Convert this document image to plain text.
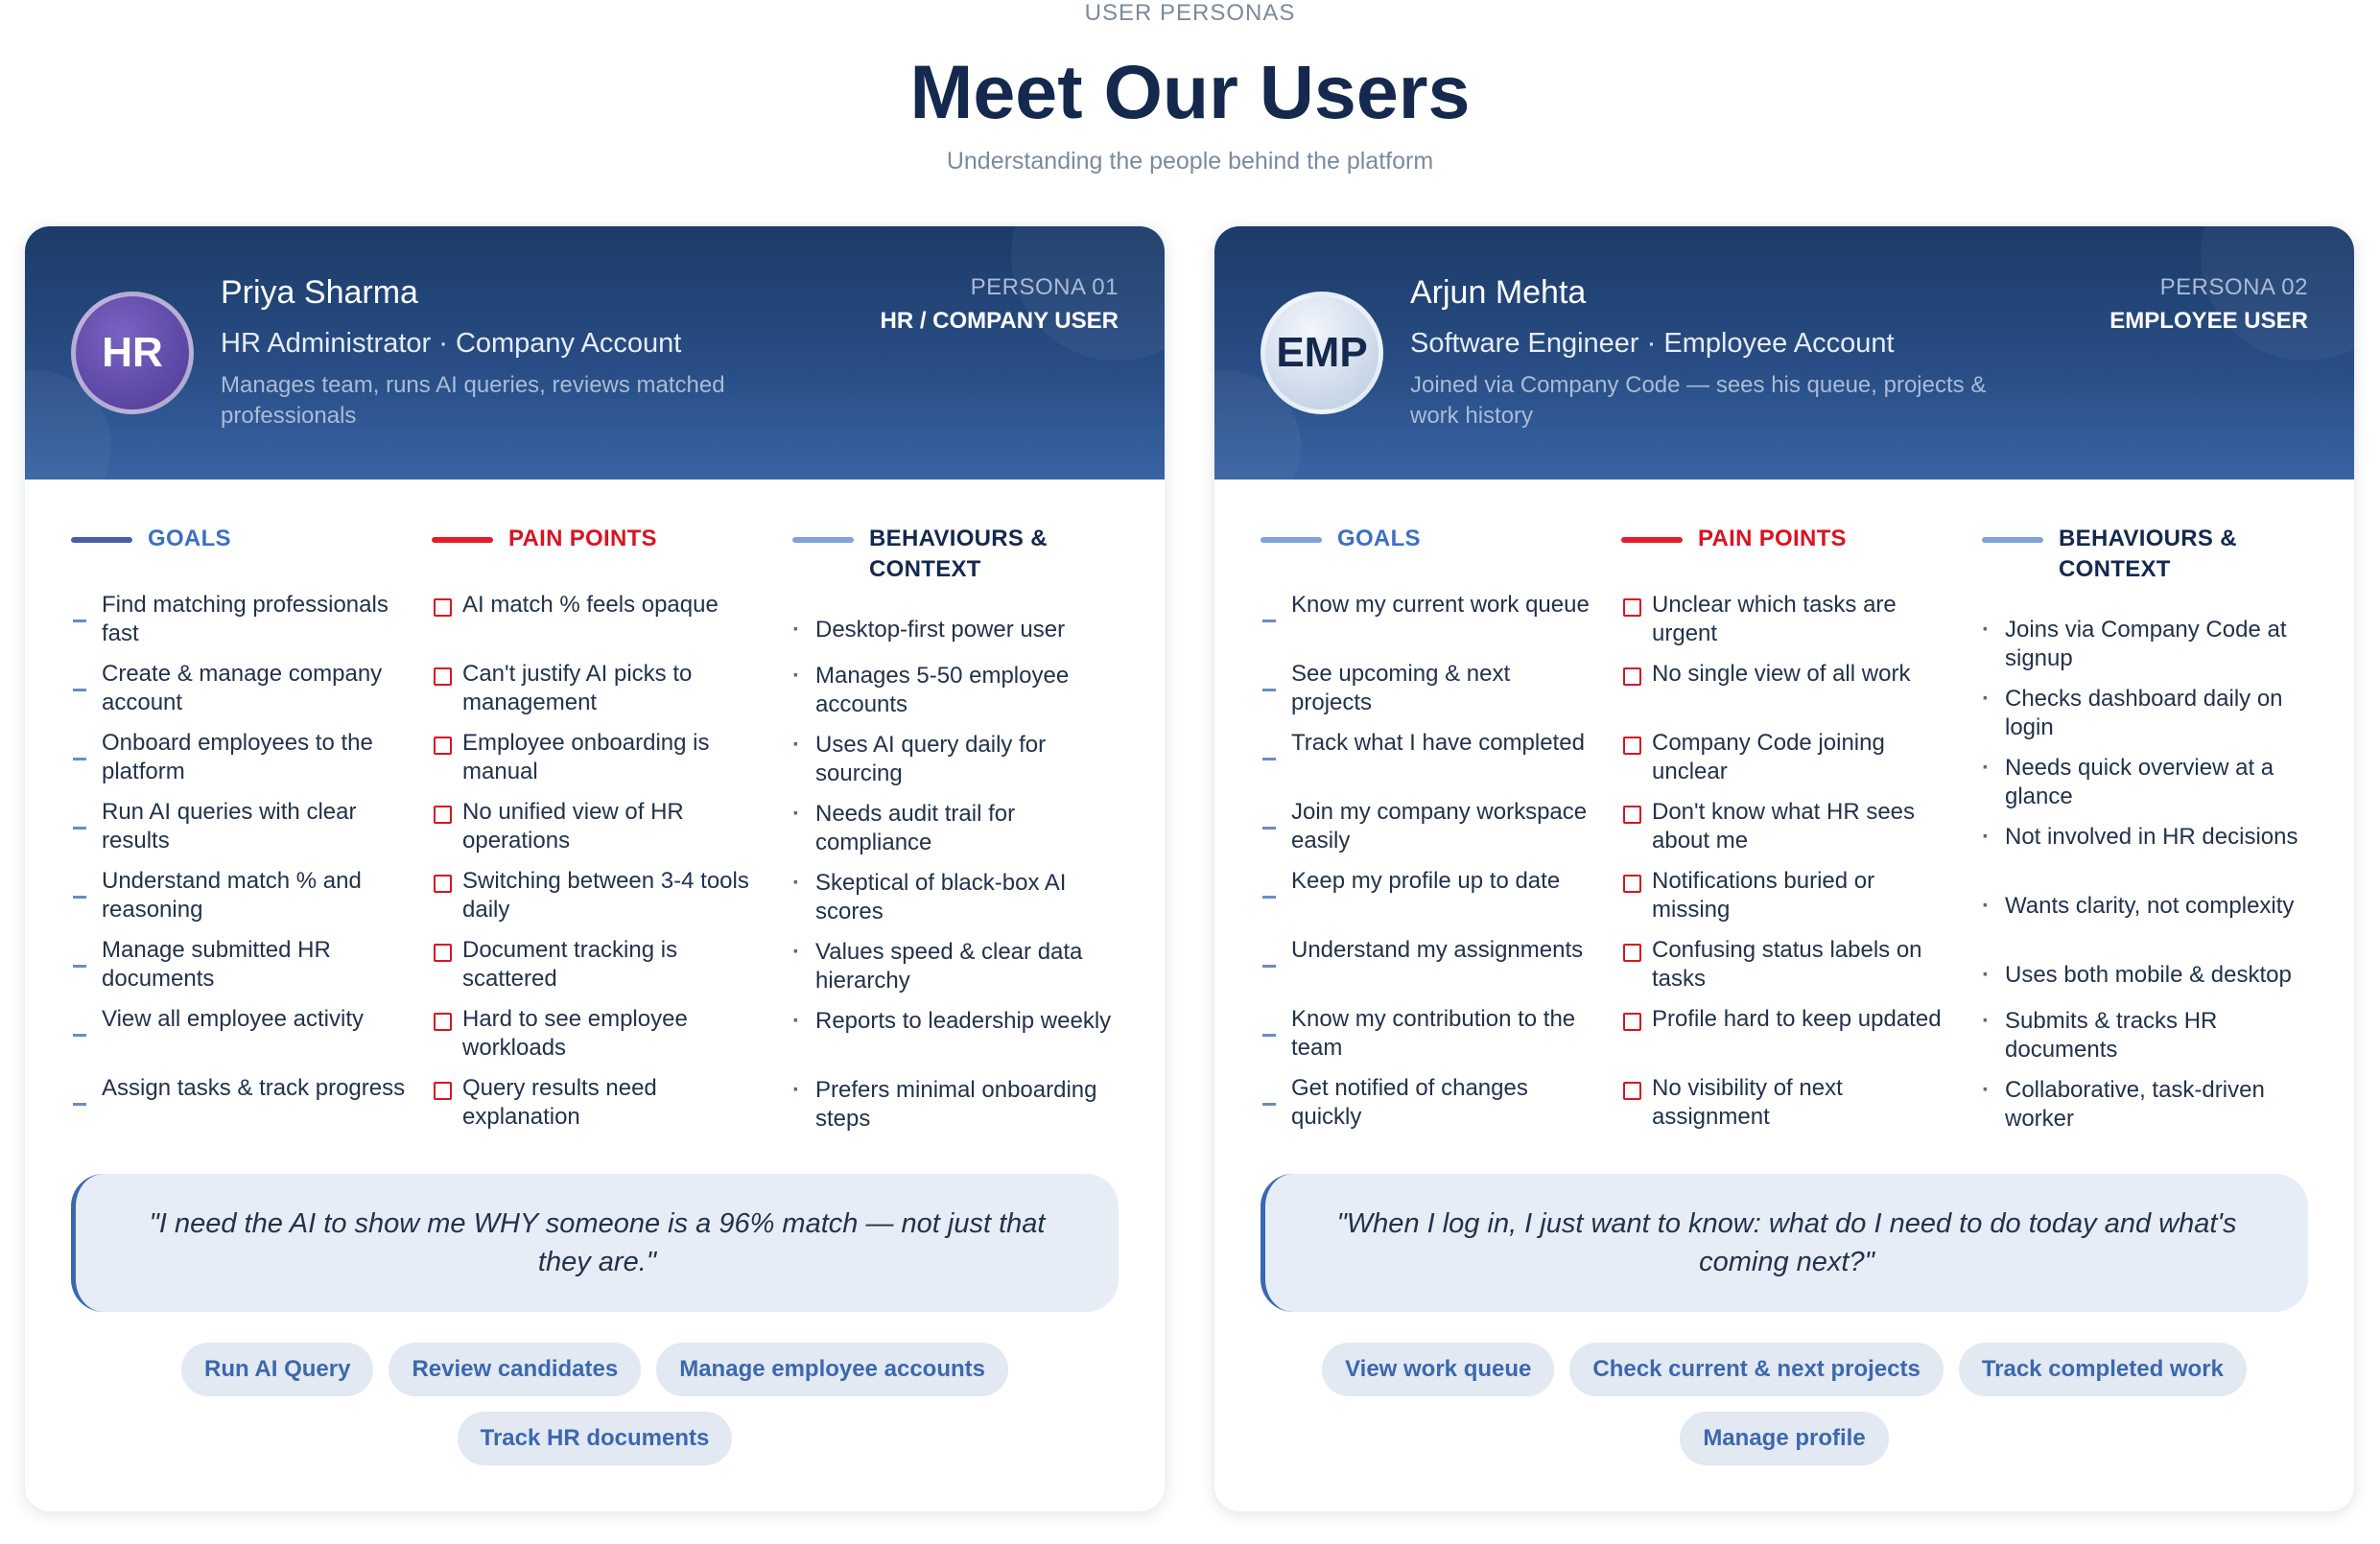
USER PERSONAS
Meet Our Users
Understanding the people behind the platform
HR
Priya Sharma
HR Administrator · Company Account
Manages team, runs AI queries, reviews matched professionals
PERSONA 01
HR / COMPANY USER
GOALS
Find matching professionals fast
Create & manage company account
Onboard employees to the platform
Run AI queries with clear results
Understand match % and reasoning
Manage submitted HR documents
View all employee activity
Assign tasks & track progress
PAIN POINTS
AI match % feels opaque
Can't justify AI picks to management
Employee onboarding is manual
No unified view of HR operations
Switching between 3-4 tools daily
Document tracking is scattered
Hard to see employee workloads
Query results need explanation
BEHAVIOURS & CONTEXT
· Desktop-first power user
· Manages 5-50 employee accounts
· Uses AI query daily for sourcing
· Needs audit trail for compliance
· Skeptical of black-box AI scores
· Values speed & clear data hierarchy
· Reports to leadership weekly
· Prefers minimal onboarding steps
"I need the AI to show me WHY someone is a 96% match — not just that they are."
Run AI Query	Review candidates	Manage employee accounts
Track HR documents
EMP
Arjun Mehta
Software Engineer · Employee Account
Joined via Company Code — sees his queue, projects & work history
PERSONA 02
EMPLOYEE USER
GOALS
Know my current work queue
See upcoming & next projects
Track what I have completed
Join my company workspace easily
Keep my profile up to date
Understand my assignments
Know my contribution to the team
Get notified of changes quickly
PAIN POINTS
Unclear which tasks are urgent
No single view of all work
Company Code joining unclear
Don't know what HR sees about me
Notifications buried or missing
Confusing status labels on tasks
Profile hard to keep updated
No visibility of next assignment
BEHAVIOURS & CONTEXT
· Joins via Company Code at signup
· Checks dashboard daily on login
· Needs quick overview at a glance
· Not involved in HR decisions
· Wants clarity, not complexity
· Uses both mobile & desktop
· Submits & tracks HR documents
· Collaborative, task-driven worker
"When I log in, I just want to know: what do I need to do today and what's coming next?"
View work queue	Check current & next projects	Track completed work
Manage profile
